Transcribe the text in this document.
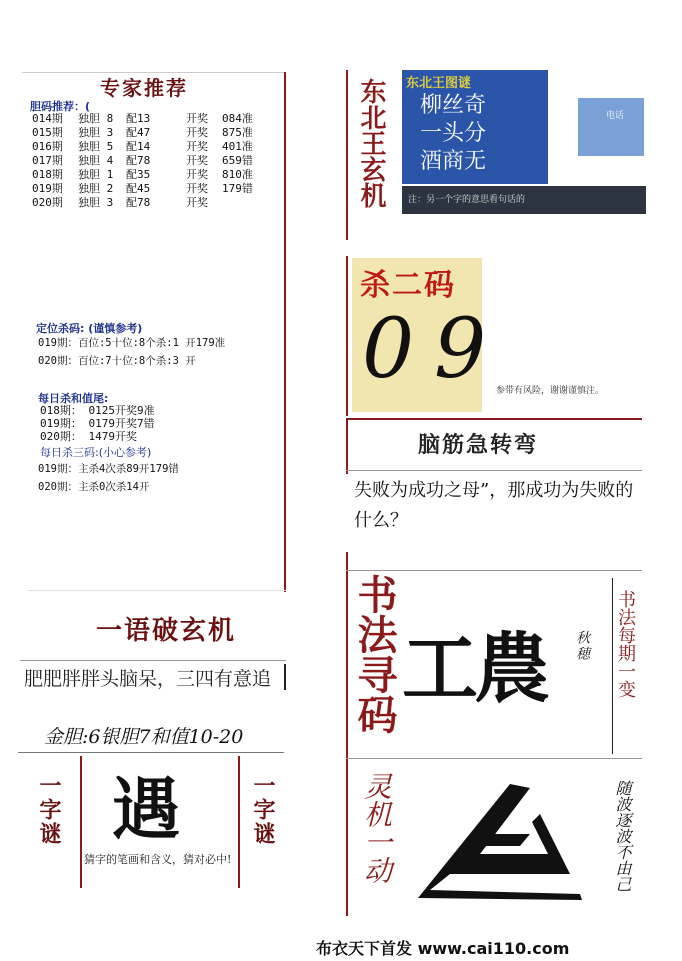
专家推荐
胆码推荐：(
014期 独胆 8 配13	开奖 084准
015期 独胆 3 配47	开奖 875准
016期 独胆 5 配14	开奖 401准
017期 独胆 4 配78	开奖 659错
018期 独胆 1 配35	开奖 810准
019期 独胆 2 配45	开奖 179错
020期 独胆 3 配78	开奖
定位杀码: (谨慎参考)
019期：百位:5十位:8个杀:1 开179准
020期：百位:7十位:8个杀:3 开
每日杀和值尾:
018期： 0125开奖9准
019期： 0179开奖7错
020期： 1479开奖
每日杀三码:(小心参考)
019期：主杀4次杀89开179错
020期：主杀0次杀14开
一语破玄机
肥肥胖胖头脑呆，三四有意追
金胆:6银胆7和值10-20
一字谜	一字谜
遇
猜字的笔画和含义，猜对必中!
东北王玄机 东北王图谜
柳丝奇
一头分
酒商无
电话
注：另一个字的意思看句话的
杀二码
0 9 参带有风险，谢谢谨慎注。
脑筋急转弯
失败为成功之母”，那成功为失败的什么？
书法寻码 工農 秋穂 书法每期一变
灵机一动	随波逐波不由己
布衣天下首发 www.cai110.com
